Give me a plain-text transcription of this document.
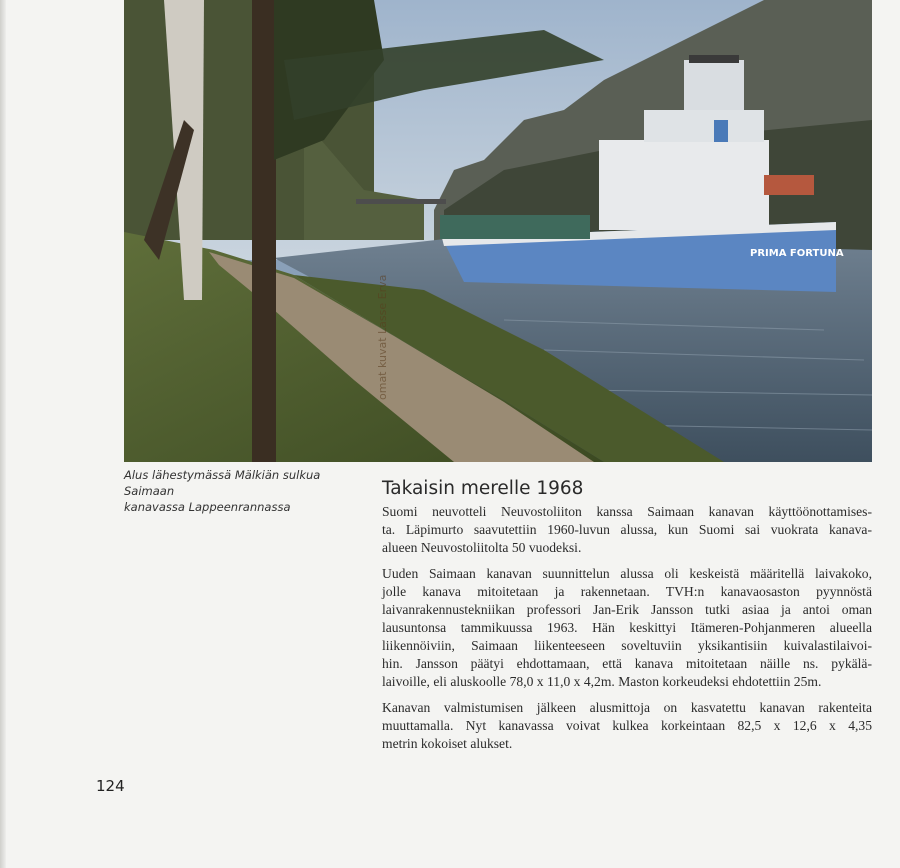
PRIMA FORTUNA
omat kuvat Lasse Erva
Alus lähestymässä Mälkiän sulkua Saimaan
kanavassa Lappeenrannassa
Takaisin merelle 1968

Suomi neuvotteli Neuvostoliiton kanssa Saimaan kanavan käyttöönottamises-
ta. Läpimurto saavutettiin 1960-luvun alussa, kun Suomi sai vuokrata kanava-
alueen Neuvostoliitolta 50 vuodeksi.

Uuden Saimaan kanavan suunnittelun alussa oli keskeistä määritellä laivakoko,
jolle kanava mitoitetaan ja rakennetaan. TVH:n kanavaosaston pyynnöstä
laivanrakennustekniikan professori Jan-Erik Jansson tutki asiaa ja antoi oman
lausuntonsa tammikuussa 1963. Hän keskittyi Itämeren-Pohjanmeren alueella
liikennöiviin, Saimaan liikenteeseen soveltuviin yksikantisiin kuivalastilaivoi-
hin. Jansson päätyi ehdottamaan, että kanava mitoitetaan näille ns. pykälä-
laivoille, eli aluskoolle 78,0 x 11,0 x 4,2m. Maston korkeudeksi ehdotettiin 25m.

Kanavan valmistumisen jälkeen alusmittoja on kasvatettu kanavan rakenteita
muuttamalla. Nyt kanavassa voivat kulkea korkeintaan 82,5 x 12,6 x 4,35
metrin kokoiset alukset.

124
